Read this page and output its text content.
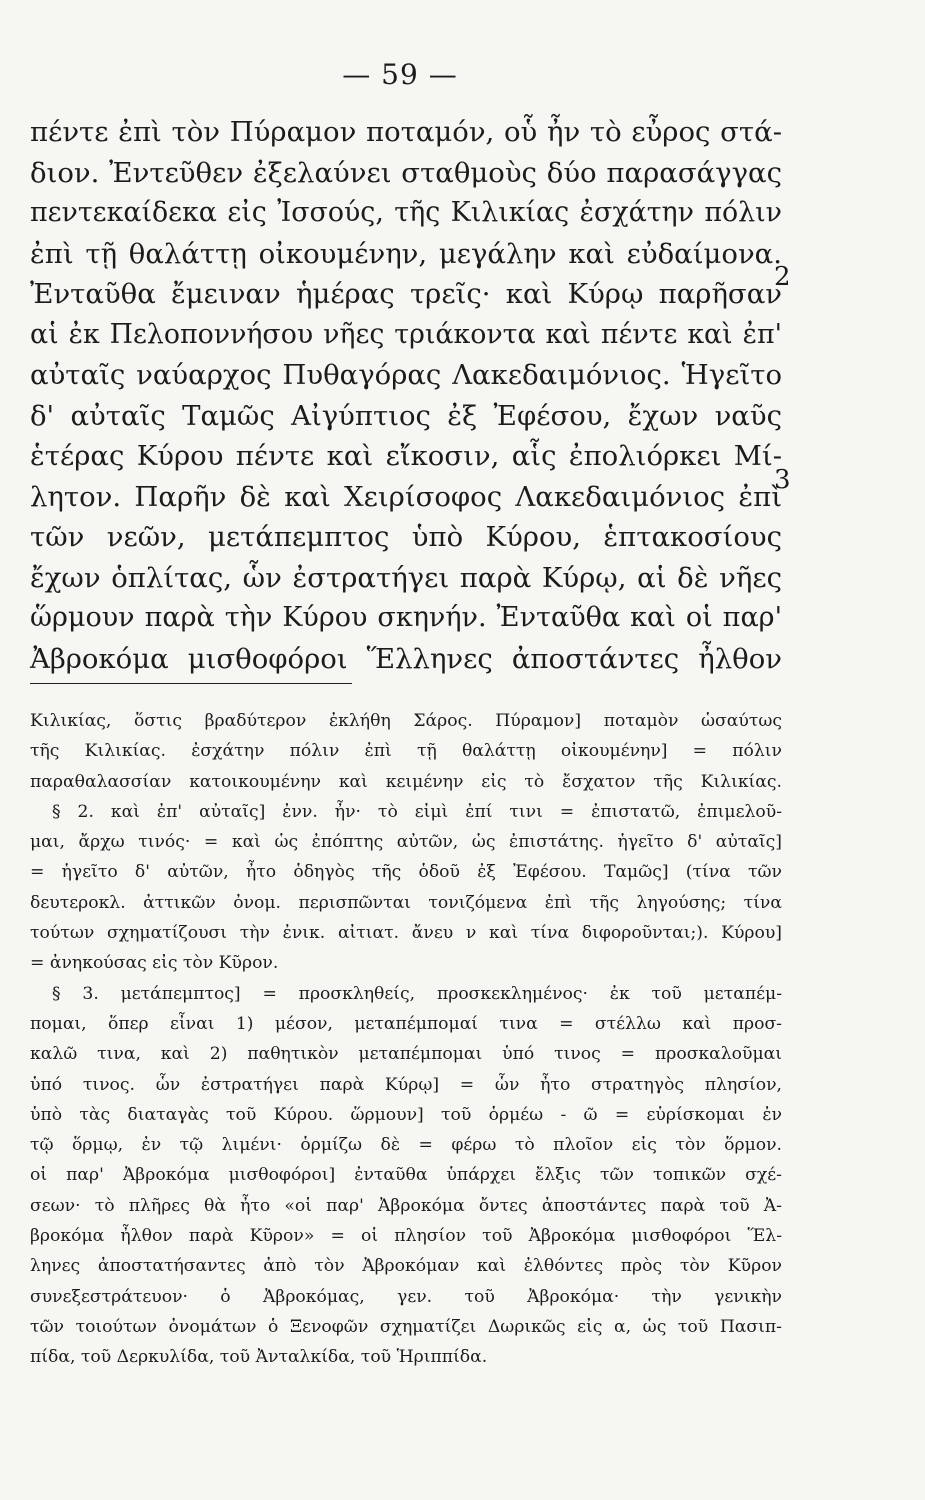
— 59 —
πέντε ἐπὶ τὸν Πύραμον ποταμόν, οὗ ἦν τὸ εὖρος στά-
διον. Ἐντεῦθεν ἐξελαύνει σταθμοὺς δύο παρασάγγας
πεντεκαίδεκα εἰς Ἰσσούς, τῆς Κιλικίας ἐσχάτην πόλιν
ἐπὶ τῇ θαλάττῃ οἰκουμένην, μεγάλην καὶ εὐδαίμονα.
Ἐνταῦθα ἔμειναν ἡμέρας τρεῖς· καὶ Κύρῳ παρῆσαν
αἱ ἐκ Πελοποννήσου νῆες τριάκοντα καὶ πέντε καὶ ἐπ'
αὐταῖς ναύαρχος Πυθαγόρας Λακεδαιμόνιος. Ἡγεῖτο
δ' αὐταῖς Ταμῶς Αἰγύπτιος ἐξ Ἐφέσου, ἔχων ναῦς
ἑτέρας Κύρου πέντε καὶ εἴκοσιν, αἷς ἐπολιόρκει Μί-
λητον. Παρῆν δὲ καὶ Χειρίσοφος Λακεδαιμόνιος ἐπὶ
τῶν νεῶν, μετάπεμπτος ὑπὸ Κύρου, ἑπτακοσίους
ἔχων ὁπλίτας, ὧν ἐστρατήγει παρὰ Κύρῳ, αἱ δὲ νῆες
ὥρμουν παρὰ τὴν Κύρου σκηνήν. Ἐνταῦθα καὶ οἱ παρ'
Ἀβροκόμα μισθοφόροι Ἕλληνες ἀποστάντες ἦλθον
2
3
Κιλικίας, ὅστις βραδύτερον ἐκλήθη Σάρος. Πύραμον] ποταμὸν ὡσαύτως
τῆς Κιλικίας. ἐσχάτην πόλιν ἐπὶ τῇ θαλάττῃ οἰκουμένην] = πόλιν
παραθαλασσίαν κατοικουμένην καὶ κειμένην εἰς τὸ ἔσχατον τῆς Κιλικίας.
§ 2. καὶ ἐπ' αὐταῖς] ἐνν. ἦν· τὸ εἰμὶ ἐπί τινι = ἐπιστατῶ, ἐπιμελοῦ-
μαι, ἄρχω τινός· = καὶ ὡς ἐπόπτης αὐτῶν, ὡς ἐπιστάτης. ἡγεῖτο δ' αὐταῖς]
= ἡγεῖτο δ' αὐτῶν, ἦτο ὁδηγὸς τῆς ὁδοῦ ἐξ Ἐφέσου. Ταμῶς] (τίνα τῶν
δευτεροκλ. ἀττικῶν ὀνομ. περισπῶνται τονιζόμενα ἐπὶ τῆς ληγούσης; τίνα
τούτων σχηματίζουσι τὴν ἐνικ. αἰτιατ. ἄνευ ν καὶ τίνα διφοροῦνται;). Κύρου]
= ἀνηκούσας εἰς τὸν Κῦρον.
§ 3. μετάπεμπτος] = προσκληθείς, προσκεκλημένος· ἐκ τοῦ μεταπέμ-
πομαι, ὅπερ εἶναι 1) μέσον, μεταπέμπομαί τινα = στέλλω καὶ προσ-
καλῶ τινα, καὶ 2) παθητικὸν μεταπέμπομαι ὑπό τινος = προσκαλοῦμαι
ὑπό τινος. ὧν ἐστρατήγει παρὰ Κύρῳ] = ὧν ἦτο στρατηγὸς πλησίον,
ὑπὸ τὰς διαταγὰς τοῦ Κύρου. ὥρμουν] τοῦ ὁρμέω - ῶ = εὑρίσκομαι ἐν
τῷ ὅρμῳ, ἐν τῷ λιμένι· ὁρμίζω δὲ = φέρω τὸ πλοῖον εἰς τὸν ὅρμον.
οἱ παρ' Ἀβροκόμα μισθοφόροι] ἐνταῦθα ὑπάρχει ἔλξις τῶν τοπικῶν σχέ-
σεων· τὸ πλῆρες θὰ ἦτο «οἱ παρ' Ἀβροκόμα ὄντες ἀποστάντες παρὰ τοῦ Ἀ-
βροκόμα ἦλθον παρὰ Κῦρον» = οἱ πλησίον τοῦ Ἀβροκόμα μισθοφόροι Ἕλ-
ληνες ἀποστατήσαντες ἀπὸ τὸν Ἀβροκόμαν καὶ ἐλθόντες πρὸς τὸν Κῦρον
συνεξεστράτευον· ὁ Ἀβροκόμας, γεν. τοῦ Ἀβροκόμα· τὴν γενικὴν
τῶν τοιούτων ὀνομάτων ὁ Ξενοφῶν σχηματίζει Δωρικῶς εἰς α, ὡς τοῦ Πασιπ-
πίδα, τοῦ Δερκυλίδα, τοῦ Ἀνταλκίδα, τοῦ Ἡριππίδα.
